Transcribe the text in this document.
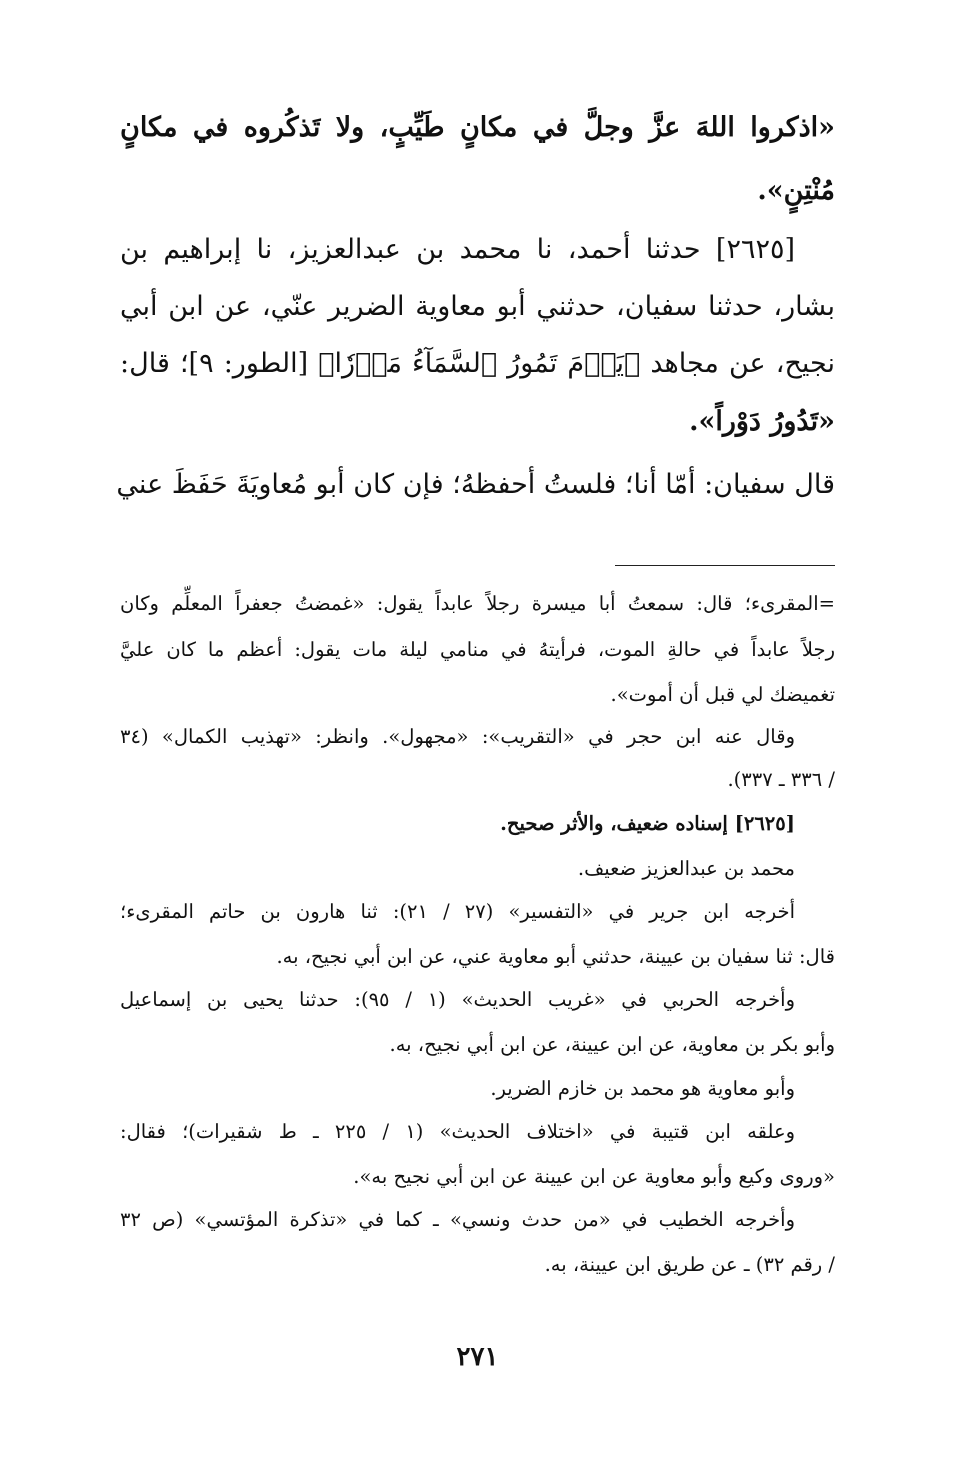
«اذكروا اللهَ عزَّ وجلَّ في مكانٍ طَيِّبٍ، ولا تَذكُروه في مكانٍ
مُنْتِنٍ».
[٢٦٢٥] حدثنا أحمد، نا محمد بن عبدالعزيز، نا إبراهيم بن
بشار، حدثنا سفيان، حدثني أبو معاوية الضرير عنّي، عن ابن أبي
نجيح، عن مجاهد ﴿يَوۡمَ تَمُورُ ٱلسَّمَآءُ مَوۡرٗا﴾ [الطور: ٩]؛ قال:
«تَدُورُ دَوْراً».
قال سفيان: أمّا أنا؛ فلستُ أحفظهُ؛ فإن كان أبو مُعاويَةَ حَفَظَ عني
=المقرىء؛ قال: سمعتُ أبا ميسرة رجلاً عابداً يقول: «غمضتُ جعفراً المعلِّم وكان
رجلاً عابداً في حالةِ الموت، فرأيتهُ في منامي ليلة مات يقول: أعظم ما كان عليَّ
تغميضك لي قبل أن أموت».
وقال عنه ابن حجر في «التقريب»: «مجهول». وانظر: «تهذيب الكمال» (٣٤
/ ٣٣٦ ـ ٣٣٧).
[٢٦٢٥] إسناده ضعيف، والأثر صحيح.
محمد بن عبدالعزيز ضعيف.
أخرجه ابن جرير في «التفسير» (٢٧ / ٢١): ثنا هارون بن حاتم المقرىء؛
قال: ثنا سفيان بن عيينة، حدثني أبو معاوية عني، عن ابن أبي نجيح، به.
وأخرجه الحربي في «غريب الحديث» (١ / ٩٥): حدثنا يحيى بن إسماعيل
وأبو بكر بن معاوية، عن ابن عيينة، عن ابن أبي نجيح، به.
وأبو معاوية هو محمد بن خازم الضرير.
وعلقه ابن قتيبة في «اختلاف الحديث» (١ / ٢٢٥ ـ ط شقيرات)؛ فقال:
«وروى وكيع وأبو معاوية عن ابن عيينة عن ابن أبي نجيح به».
وأخرجه الخطيب في «من حدث ونسي» ـ كما في «تذكرة المؤتسي» (ص ٣٢
/ رقم ٣٢) ـ عن طريق ابن عيينة، به.
٢٧١
